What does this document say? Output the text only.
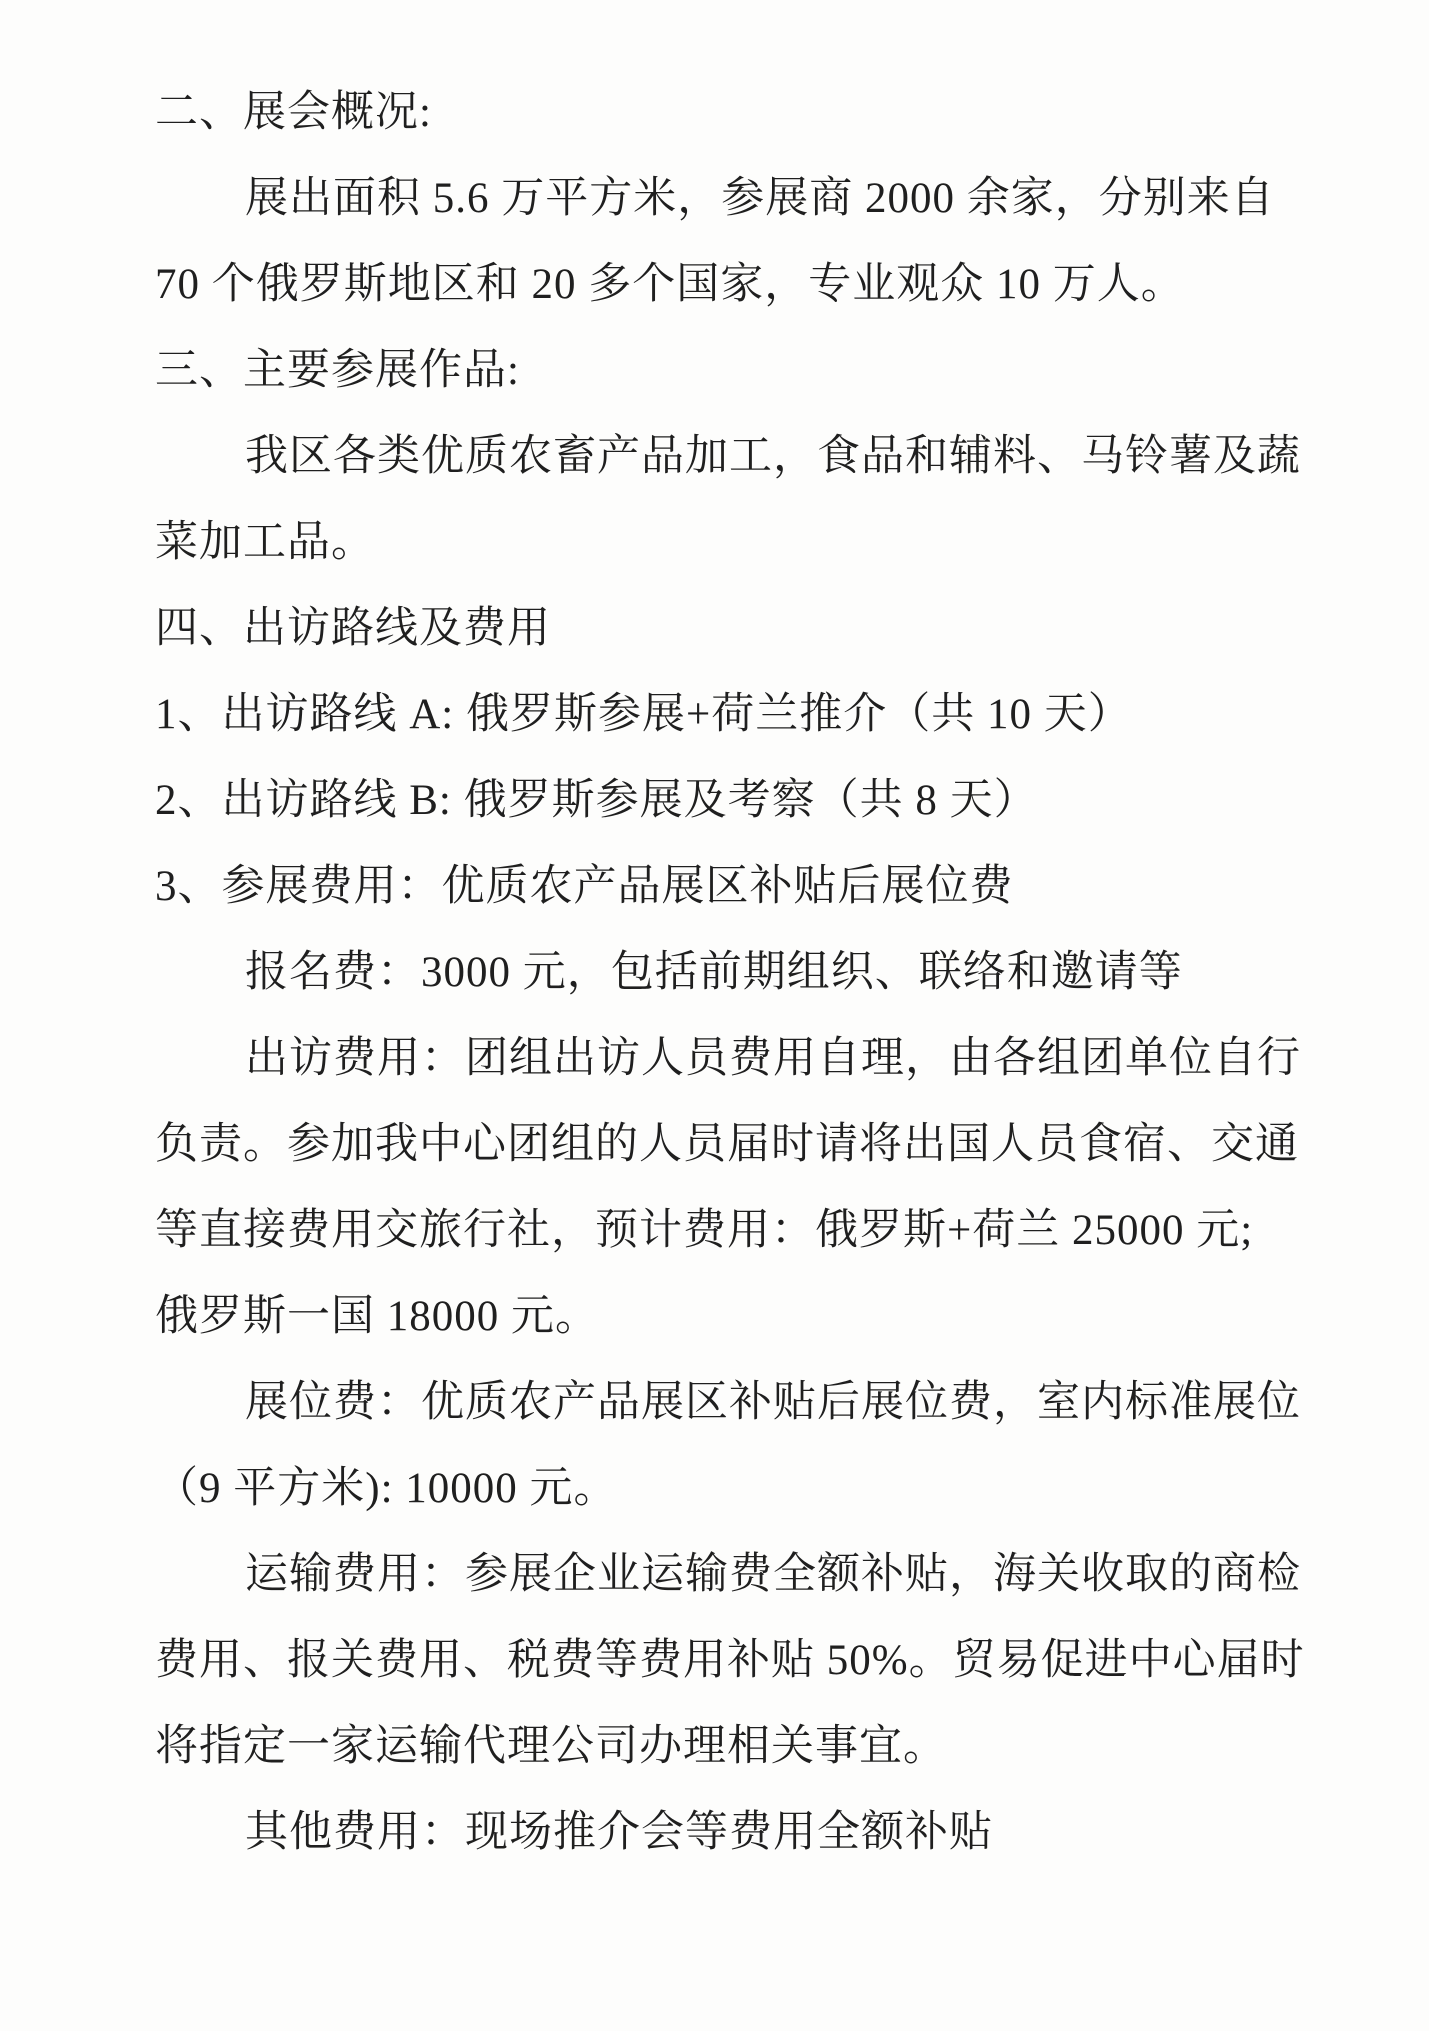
二、展会概况:
展出面积 5.6 万平方米，参展商 2000 余家，分别来自
70 个俄罗斯地区和 20 多个国家，专业观众 10 万人。
三、主要参展作品:
我区各类优质农畜产品加工，食品和辅料、马铃薯及蔬
菜加工品。
四、出访路线及费用
1、出访路线 A: 俄罗斯参展+荷兰推介（共 10 天）
2、出访路线 B: 俄罗斯参展及考察（共 8 天）
3、参展费用：优质农产品展区补贴后展位费
报名费：3000 元，包括前期组织、联络和邀请等
出访费用：团组出访人员费用自理，由各组团单位自行
负责。参加我中心团组的人员届时请将出国人员食宿、交通
等直接费用交旅行社，预计费用：俄罗斯+荷兰 25000 元;
俄罗斯一国 18000 元。
展位费：优质农产品展区补贴后展位费，室内标准展位
（9 平方米): 10000 元。
运输费用：参展企业运输费全额补贴，海关收取的商检
费用、报关费用、税费等费用补贴 50%。贸易促进中心届时
将指定一家运输代理公司办理相关事宜。
其他费用：现场推介会等费用全额补贴
